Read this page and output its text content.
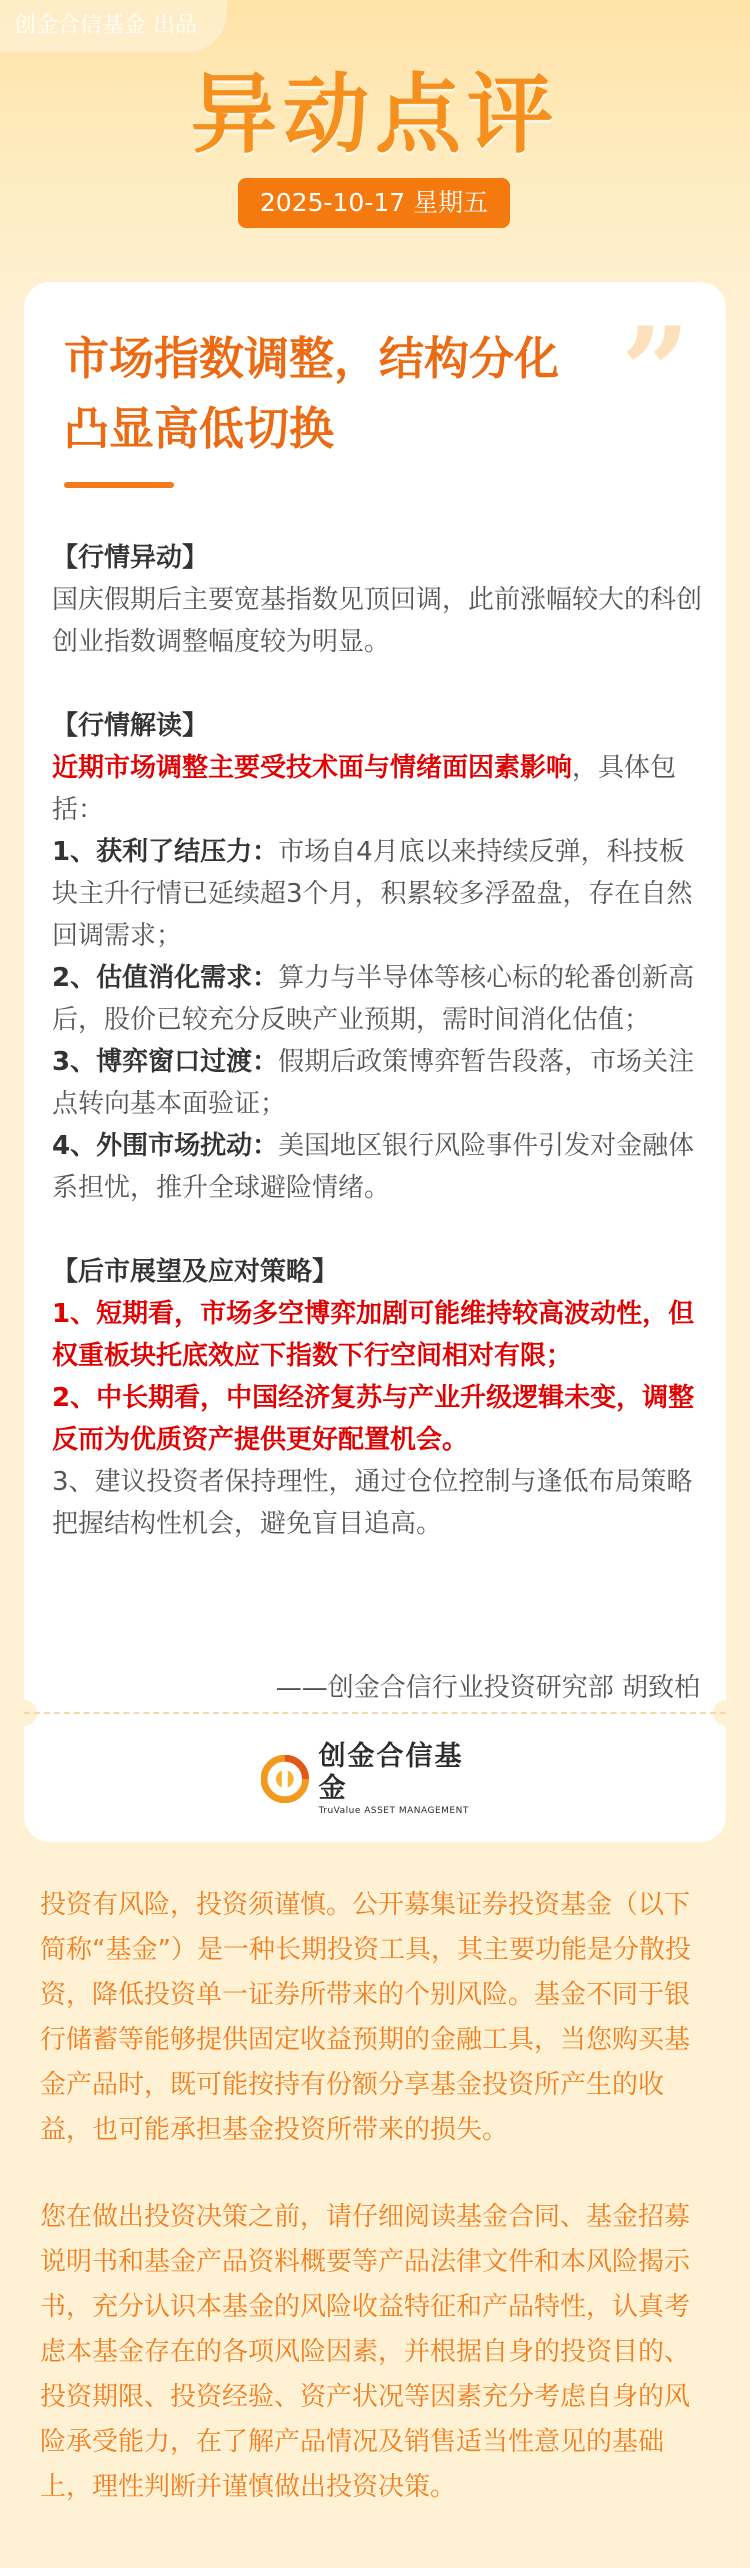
创金合信基金 出品
异动点评
2025-10-17 星期五
”
市场指数调整，结构分化
凸显高低切换

【行情异动】

国庆假期后主要宽基指数见顶回调，此前涨幅较大的科创创业指数调整幅度较为明显。

【行情解读】

近期市场调整主要受技术面与情绪面因素影响，具体包括：

1、获利了结压力：市场自4月底以来持续反弹，科技板块主升行情已延续超3个月，积累较多浮盈盘，存在自然回调需求；

2、估值消化需求：算力与半导体等核心标的轮番创新高后，股价已较充分反映产业预期，需时间消化估值；

3、博弈窗口过渡：假期后政策博弈暂告段落，市场关注点转向基本面验证；

4、外围市场扰动：美国地区银行风险事件引发对金融体系担忧，推升全球避险情绪。

【后市展望及应对策略】

1、短期看，市场多空博弈加剧可能维持较高波动性，但权重板块托底效应下指数下行空间相对有限；

2、中长期看，中国经济复苏与产业升级逻辑未变，调整反而为优质资产提供更好配置机会。

3、建议投资者保持理性，通过仓位控制与逢低布局策略把握结构性机会，避免盲目追高。

——创金合信行业投资研究部 胡致柏
创金合信基金
TruValue ASSET MANAGEMENT

投资有风险，投资须谨慎。公开募集证券投资基金（以下简称“基金”）是一种长期投资工具，其主要功能是分散投资，降低投资单一证券所带来的个别风险。基金不同于银行储蓄等能够提供固定收益预期的金融工具，当您购买基金产品时，既可能按持有份额分享基金投资所产生的收益，也可能承担基金投资所带来的损失。

您在做出投资决策之前，请仔细阅读基金合同、基金招募说明书和基金产品资料概要等产品法律文件和本风险揭示书，充分认识本基金的风险收益特征和产品特性，认真考虑本基金存在的各项风险因素，并根据自身的投资目的、投资期限、投资经验、资产状况等因素充分考虑自身的风险承受能力，在了解产品情况及销售适当性意见的基础上，理性判断并谨慎做出投资决策。
